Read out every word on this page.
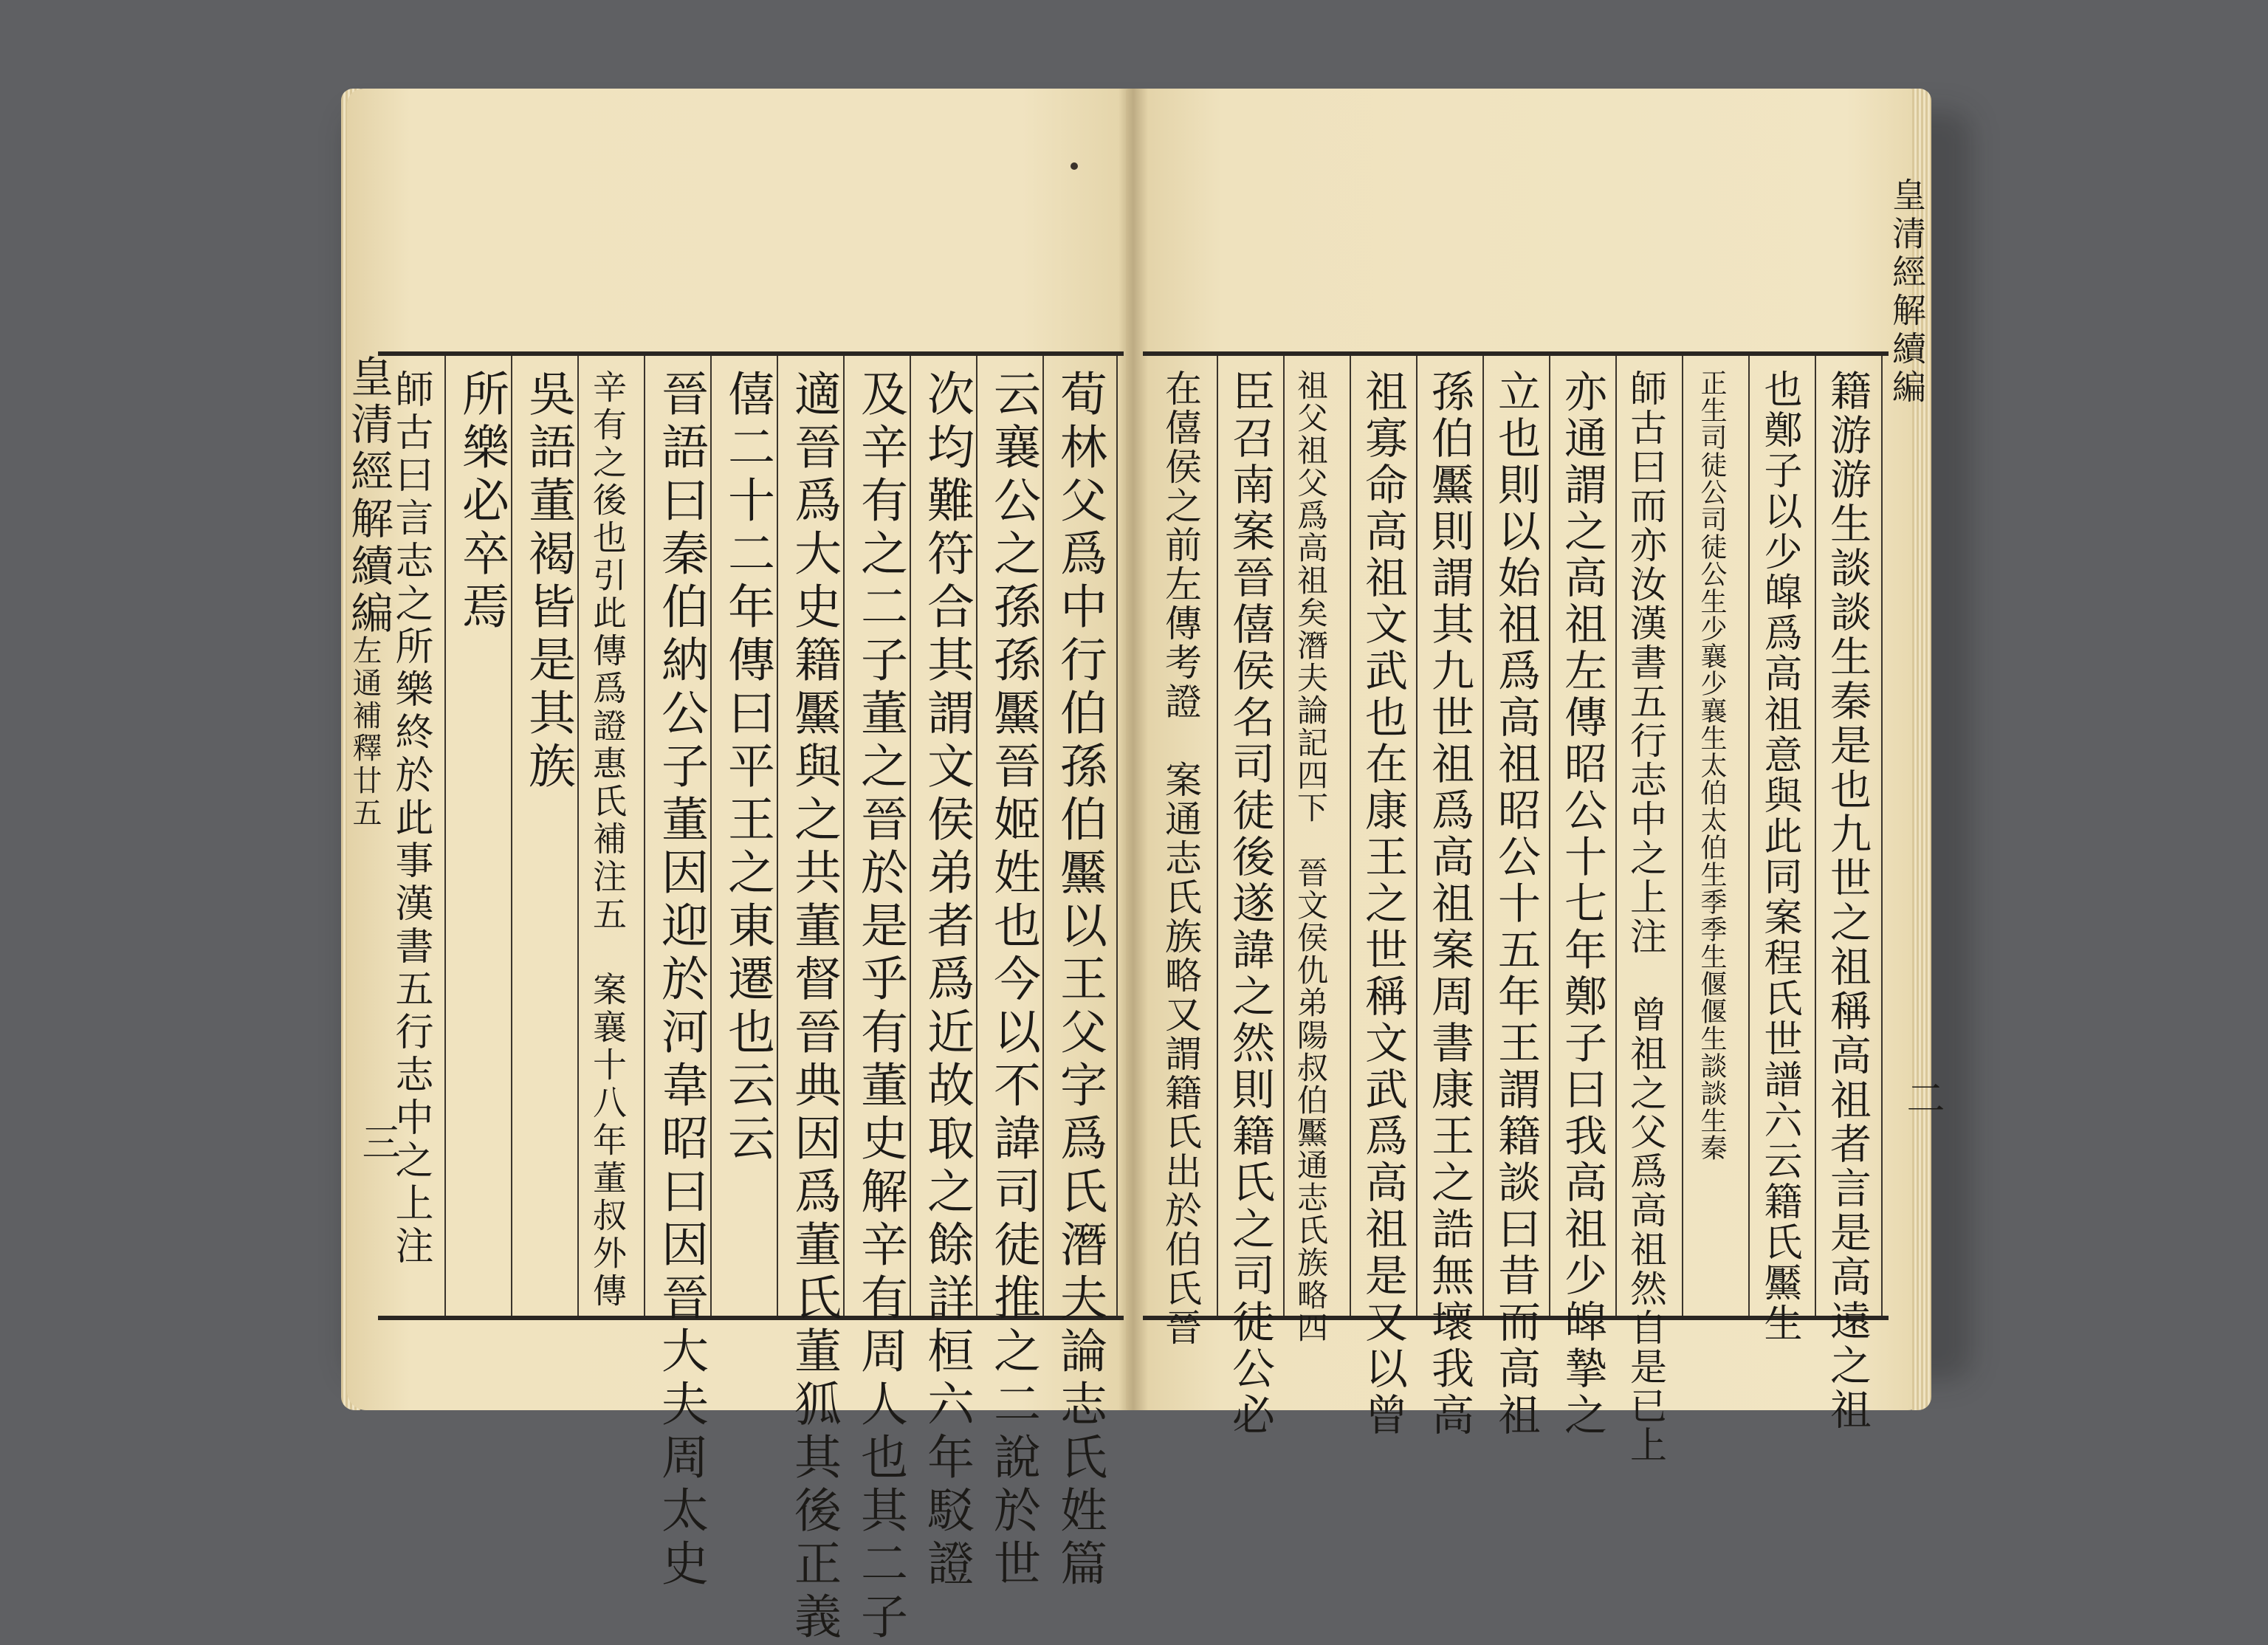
荀林父爲中行伯孫伯黶以王父字爲氏潛夫論志氏姓篇
云襄公之孫孫黶晉姬姓也今以不諱司徒推之二說於世
次均難符合其謂文侯弟者爲近故取之餘詳桓六年駁證
及辛有之二子董之晉於是乎有董史解辛有周人也其二子
適晉爲大史籍黶與之共董督晉典因爲董氏董狐其後正義
僖二十二年傳曰平王之東遷也云云
晉語曰秦伯納公子董因迎於河韋昭曰因晉大夫周太史
辛有之後也引此傳爲證惠氏補注五　案襄十八年董叔外傳
吳語董褐皆是其族
所樂必卒焉
師古曰言志之所樂終於此事漢書五行志中之上注
皇清經解續編
左通補釋廿五
三	籍游游生談談生秦是也九世之祖稱高祖者言是高遠之祖
也鄭子以少皡爲高祖意與此同案程氏世譜六云籍氏黶生
正生司徒公司徒公生少襄少襄生太伯太伯生季季生偃偃生談談生秦
師古曰而亦汝漢書五行志中之上注　曾祖之父爲高祖然自是已上
亦通謂之高祖左傳昭公十七年鄭子曰我高祖少皡摯之
立也則以始祖爲高祖昭公十五年王謂籍談曰昔而高祖
孫伯黶則謂其九世祖爲高祖案周書康王之誥無壞我高
祖寡命高祖文武也在康王之世稱文武爲高祖是又以曾
祖父祖父爲高祖矣潛夫論記四下　晉文侯仇弟陽叔伯黶通志氏族略四
臣召南案晉僖侯名司徒後遂諱之然則籍氏之司徒公必
在僖侯之前左傳考證　案通志氏族略又謂籍氏出於伯氏晉
皇清經解續編
二
